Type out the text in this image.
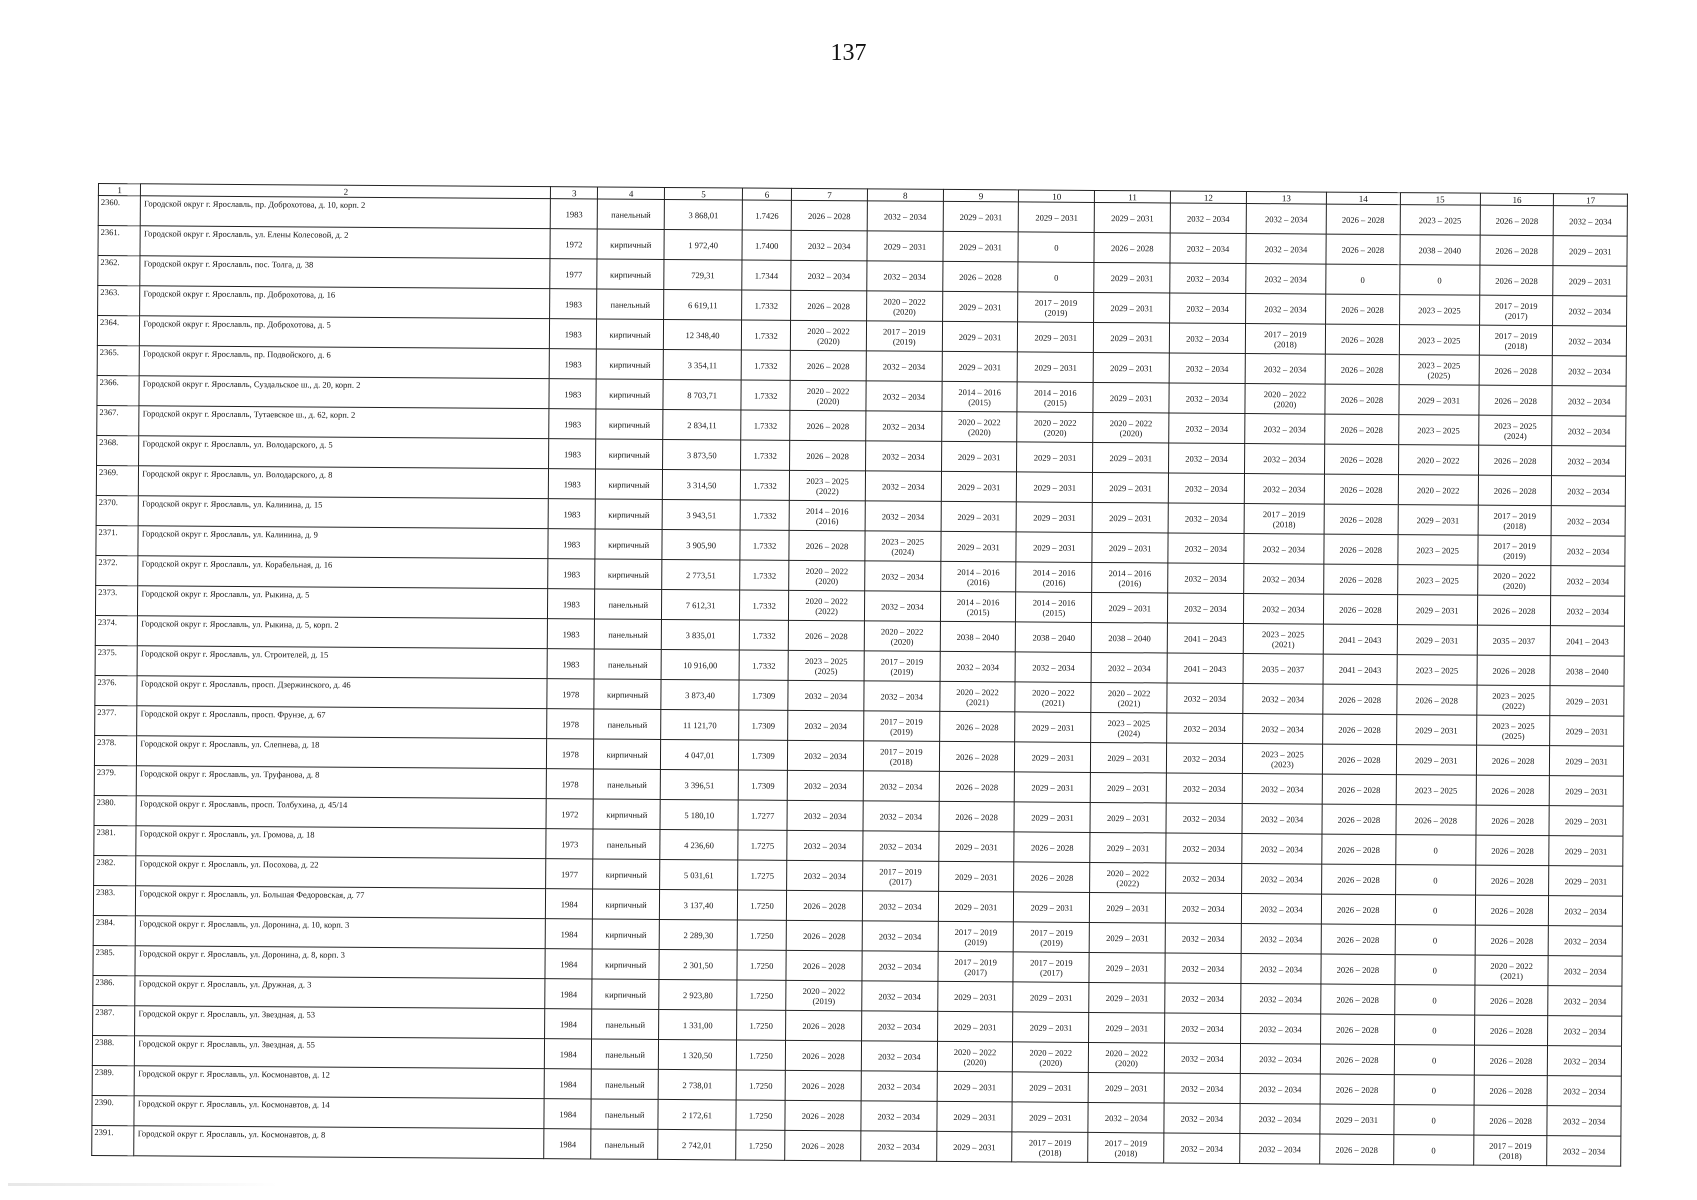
137
1	2	3	4	5	6	7	8	9	10	11	12	13	14	15	16	17

2360.	Городской округ г. Ярославль, пр. Доброхотова, д. 10, корп. 2	1983	панельный	3 868,01	1.7426	2026 – 2028	2032 – 2034	2029 – 2031	2029 – 2031	2029 – 2031	2032 – 2034	2032 – 2034	2026 – 2028	2023 – 2025	2026 – 2028	2032 – 2034

2361.	Городской округ г. Ярославль, ул. Елены Колесовой, д. 2	1972	кирпичный	1 972,40	1.7400	2032 – 2034	2029 – 2031	2029 – 2031	0	2026 – 2028	2032 – 2034	2032 – 2034	2026 – 2028	2038 – 2040	2026 – 2028	2029 – 2031

2362.	Городской округ г. Ярославль, пос. Толга, д. 38	1977	кирпичный	729,31	1.7344	2032 – 2034	2032 – 2034	2026 – 2028	0	2029 – 2031	2032 – 2034	2032 – 2034	0	0	2026 – 2028	2029 – 2031

2363.	Городской округ г. Ярославль, пр. Доброхотова, д. 16	1983	панельный	6 619,11	1.7332	2026 – 2028	2020 – 2022
(2020)	2029 – 2031	2017 – 2019
(2019)	2029 – 2031	2032 – 2034	2032 – 2034	2026 – 2028	2023 – 2025	2017 – 2019
(2017)	2032 – 2034

2364.	Городской округ г. Ярославль, пр. Доброхотова, д. 5	1983	кирпичный	12 348,40	1.7332	2020 – 2022
(2020)	2017 – 2019
(2019)	2029 – 2031	2029 – 2031	2029 – 2031	2032 – 2034	2017 – 2019
(2018)	2026 – 2028	2023 – 2025	2017 – 2019
(2018)	2032 – 2034

2365.	Городской округ г. Ярославль, пр. Подвойского, д. 6	1983	кирпичный	3 354,11	1.7332	2026 – 2028	2032 – 2034	2029 – 2031	2029 – 2031	2029 – 2031	2032 – 2034	2032 – 2034	2026 – 2028	2023 – 2025
(2025)	2026 – 2028	2032 – 2034

2366.	Городской округ г. Ярославль, Суздальское ш., д. 20, корп. 2	1983	кирпичный	8 703,71	1.7332	2020 – 2022
(2020)	2032 – 2034	2014 – 2016
(2015)	2014 – 2016
(2015)	2029 – 2031	2032 – 2034	2020 – 2022
(2020)	2026 – 2028	2029 – 2031	2026 – 2028	2032 – 2034

2367.	Городской округ г. Ярославль, Тутаевское ш., д. 62, корп. 2	1983	кирпичный	2 834,11	1.7332	2026 – 2028	2032 – 2034	2020 – 2022
(2020)	2020 – 2022
(2020)	2020 – 2022
(2020)	2032 – 2034	2032 – 2034	2026 – 2028	2023 – 2025	2023 – 2025
(2024)	2032 – 2034

2368.	Городской округ г. Ярославль, ул. Володарского, д. 5	1983	кирпичный	3 873,50	1.7332	2026 – 2028	2032 – 2034	2029 – 2031	2029 – 2031	2029 – 2031	2032 – 2034	2032 – 2034	2026 – 2028	2020 – 2022	2026 – 2028	2032 – 2034

2369.	Городской округ г. Ярославль, ул. Володарского, д. 8	1983	кирпичный	3 314,50	1.7332	2023 – 2025
(2022)	2032 – 2034	2029 – 2031	2029 – 2031	2029 – 2031	2032 – 2034	2032 – 2034	2026 – 2028	2020 – 2022	2026 – 2028	2032 – 2034

2370.	Городской округ г. Ярославль, ул. Калинина, д. 15	1983	кирпичный	3 943,51	1.7332	2014 – 2016
(2016)	2032 – 2034	2029 – 2031	2029 – 2031	2029 – 2031	2032 – 2034	2017 – 2019
(2018)	2026 – 2028	2029 – 2031	2017 – 2019
(2018)	2032 – 2034

2371.	Городской округ г. Ярославль, ул. Калинина, д. 9	1983	кирпичный	3 905,90	1.7332	2026 – 2028	2023 – 2025
(2024)	2029 – 2031	2029 – 2031	2029 – 2031	2032 – 2034	2032 – 2034	2026 – 2028	2023 – 2025	2017 – 2019
(2019)	2032 – 2034

2372.	Городской округ г. Ярославль, ул. Корабельная, д. 16	1983	кирпичный	2 773,51	1.7332	2020 – 2022
(2020)	2032 – 2034	2014 – 2016
(2016)	2014 – 2016
(2016)	2014 – 2016
(2016)	2032 – 2034	2032 – 2034	2026 – 2028	2023 – 2025	2020 – 2022
(2020)	2032 – 2034

2373.	Городской округ г. Ярославль, ул. Рыкина, д. 5	1983	панельный	7 612,31	1.7332	2020 – 2022
(2022)	2032 – 2034	2014 – 2016
(2015)	2014 – 2016
(2015)	2029 – 2031	2032 – 2034	2032 – 2034	2026 – 2028	2029 – 2031	2026 – 2028	2032 – 2034

2374.	Городской округ г. Ярославль, ул. Рыкина, д. 5, корп. 2	1983	панельный	3 835,01	1.7332	2026 – 2028	2020 – 2022
(2020)	2038 – 2040	2038 – 2040	2038 – 2040	2041 – 2043	2023 – 2025
(2021)	2041 – 2043	2029 – 2031	2035 – 2037	2041 – 2043

2375.	Городской округ г. Ярославль, ул. Строителей, д. 15	1983	панельный	10 916,00	1.7332	2023 – 2025
(2025)	2017 – 2019
(2019)	2032 – 2034	2032 – 2034	2032 – 2034	2041 – 2043	2035 – 2037	2041 – 2043	2023 – 2025	2026 – 2028	2038 – 2040

2376.	Городской округ г. Ярославль, просп. Дзержинского, д. 46	1978	кирпичный	3 873,40	1.7309	2032 – 2034	2032 – 2034	2020 – 2022
(2021)	2020 – 2022
(2021)	2020 – 2022
(2021)	2032 – 2034	2032 – 2034	2026 – 2028	2026 – 2028	2023 – 2025
(2022)	2029 – 2031

2377.	Городской округ г. Ярославль, просп. Фрунзе, д. 67	1978	панельный	11 121,70	1.7309	2032 – 2034	2017 – 2019
(2019)	2026 – 2028	2029 – 2031	2023 – 2025
(2024)	2032 – 2034	2032 – 2034	2026 – 2028	2029 – 2031	2023 – 2025
(2025)	2029 – 2031

2378.	Городской округ г. Ярославль, ул. Слепнева, д. 18	1978	кирпичный	4 047,01	1.7309	2032 – 2034	2017 – 2019
(2018)	2026 – 2028	2029 – 2031	2029 – 2031	2032 – 2034	2023 – 2025
(2023)	2026 – 2028	2029 – 2031	2026 – 2028	2029 – 2031

2379.	Городской округ г. Ярославль, ул. Труфанова, д. 8	1978	панельный	3 396,51	1.7309	2032 – 2034	2032 – 2034	2026 – 2028	2029 – 2031	2029 – 2031	2032 – 2034	2032 – 2034	2026 – 2028	2023 – 2025	2026 – 2028	2029 – 2031

2380.	Городской округ г. Ярославль, просп. Толбухина, д. 45/14	1972	кирпичный	5 180,10	1.7277	2032 – 2034	2032 – 2034	2026 – 2028	2029 – 2031	2029 – 2031	2032 – 2034	2032 – 2034	2026 – 2028	2026 – 2028	2026 – 2028	2029 – 2031

2381.	Городской округ г. Ярославль, ул. Громова, д. 18	1973	панельный	4 236,60	1.7275	2032 – 2034	2032 – 2034	2029 – 2031	2026 – 2028	2029 – 2031	2032 – 2034	2032 – 2034	2026 – 2028	0	2026 – 2028	2029 – 2031

2382.	Городской округ г. Ярославль, ул. Посохова, д. 22	1977	кирпичный	5 031,61	1.7275	2032 – 2034	2017 – 2019
(2017)	2029 – 2031	2026 – 2028	2020 – 2022
(2022)	2032 – 2034	2032 – 2034	2026 – 2028	0	2026 – 2028	2029 – 2031

2383.	Городской округ г. Ярославль, ул. Большая Федоровская, д. 77	1984	кирпичный	3 137,40	1.7250	2026 – 2028	2032 – 2034	2029 – 2031	2029 – 2031	2029 – 2031	2032 – 2034	2032 – 2034	2026 – 2028	0	2026 – 2028	2032 – 2034

2384.	Городской округ г. Ярославль, ул. Доронина, д. 10, корп. 3	1984	кирпичный	2 289,30	1.7250	2026 – 2028	2032 – 2034	2017 – 2019
(2019)	2017 – 2019
(2019)	2029 – 2031	2032 – 2034	2032 – 2034	2026 – 2028	0	2026 – 2028	2032 – 2034

2385.	Городской округ г. Ярославль, ул. Доронина, д. 8, корп. 3	1984	кирпичный	2 301,50	1.7250	2026 – 2028	2032 – 2034	2017 – 2019
(2017)	2017 – 2019
(2017)	2029 – 2031	2032 – 2034	2032 – 2034	2026 – 2028	0	2020 – 2022
(2021)	2032 – 2034

2386.	Городской округ г. Ярославль, ул. Дружная, д. 3	1984	кирпичный	2 923,80	1.7250	2020 – 2022
(2019)	2032 – 2034	2029 – 2031	2029 – 2031	2029 – 2031	2032 – 2034	2032 – 2034	2026 – 2028	0	2026 – 2028	2032 – 2034

2387.	Городской округ г. Ярославль, ул. Звездная, д. 53	1984	панельный	1 331,00	1.7250	2026 – 2028	2032 – 2034	2029 – 2031	2029 – 2031	2029 – 2031	2032 – 2034	2032 – 2034	2026 – 2028	0	2026 – 2028	2032 – 2034

2388.	Городской округ г. Ярославль, ул. Звездная, д. 55	1984	панельный	1 320,50	1.7250	2026 – 2028	2032 – 2034	2020 – 2022
(2020)	2020 – 2022
(2020)	2020 – 2022
(2020)	2032 – 2034	2032 – 2034	2026 – 2028	0	2026 – 2028	2032 – 2034

2389.	Городской округ г. Ярославль, ул. Космонавтов, д. 12	1984	панельный	2 738,01	1.7250	2026 – 2028	2032 – 2034	2029 – 2031	2029 – 2031	2029 – 2031	2032 – 2034	2032 – 2034	2026 – 2028	0	2026 – 2028	2032 – 2034

2390.	Городской округ г. Ярославль, ул. Космонавтов, д. 14	1984	панельный	2 172,61	1.7250	2026 – 2028	2032 – 2034	2029 – 2031	2029 – 2031	2032 – 2034	2032 – 2034	2032 – 2034	2029 – 2031	0	2026 – 2028	2032 – 2034

2391.	Городской округ г. Ярославль, ул. Космонавтов, д. 8	1984	панельный	2 742,01	1.7250	2026 – 2028	2032 – 2034	2029 – 2031	2017 – 2019
(2018)	2017 – 2019
(2018)	2032 – 2034	2032 – 2034	2026 – 2028	0	2017 – 2019
(2018)	2032 – 2034
